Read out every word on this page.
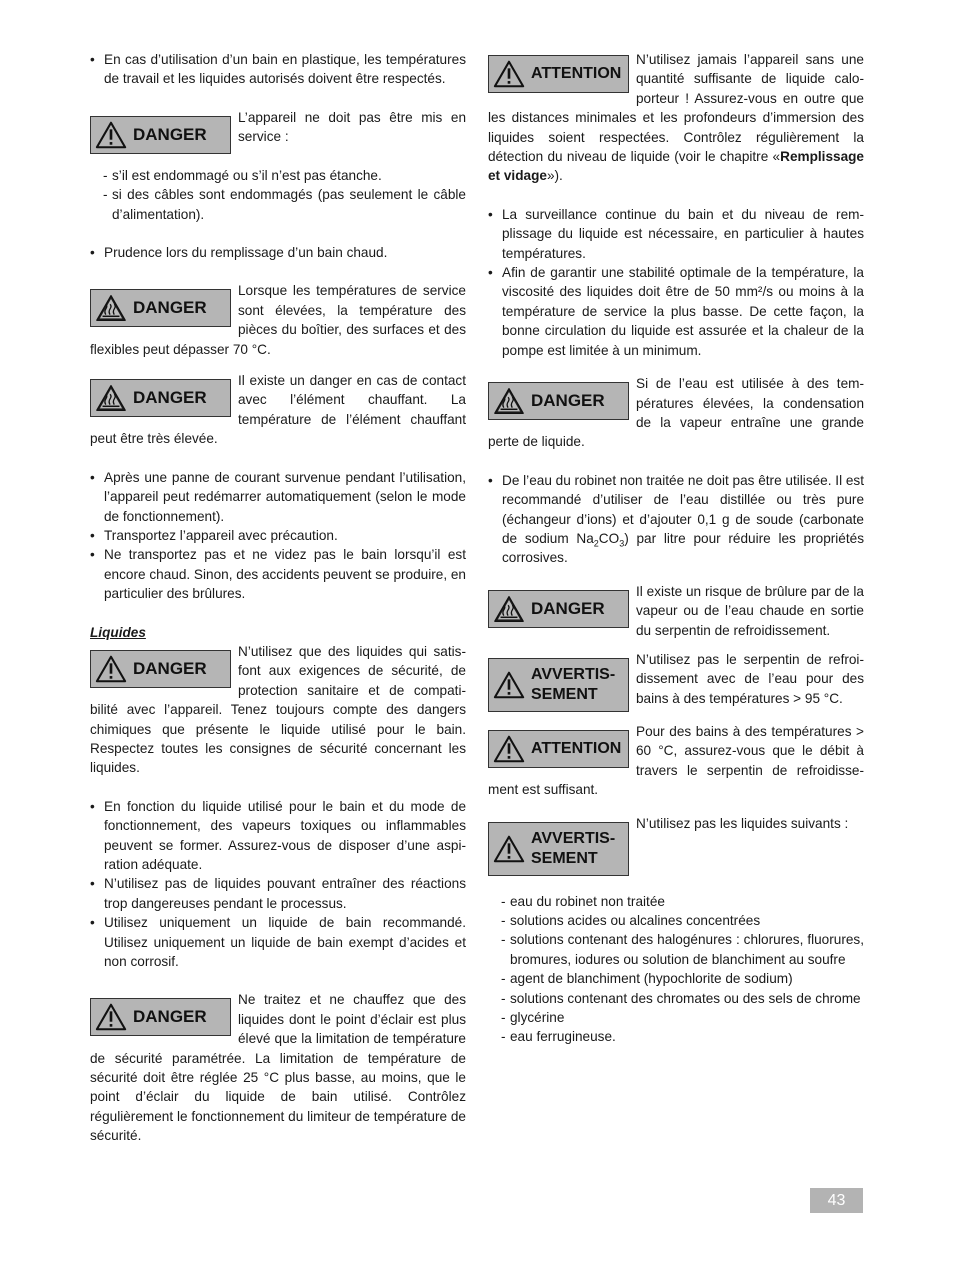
• En cas d’utilisation d’un bain en plastique, les températures de travail et les liquides autorisés doivent être respectés.
DANGER

L’appareil ne doit pas être mis en service :

- s’il est endommagé ou s’il n’est pas étanche.
- si des câbles sont endommagés (pas seulement le câble d’alimentation).
• Prudence lors du remplissage d’un bain chaud.
DANGER

Lorsque les températures de service sont élevées, la température des pièces du boîtier, des surfaces et des flexibles peut dépasser 70 °C.

DANGER

Il existe un danger en cas de contact avec l’élément chauffant. La température de l’élément chauffant peut être très élevée.

• Après une panne de courant survenue pendant l’utilisation, l’appareil peut redémarrer automatiquement (selon le mode de fonctionnement).
• Transportez l’appareil avec précaution.
• Ne transportez pas et ne videz pas le bain lorsqu’il est encore chaud. Sinon, des accidents peuvent se produire, en particulier des brûlures.
Liquides
DANGER

N’utilisez que des liquides qui satisfont aux exigences de sécurité, de protection sanitaire et de compatibilité avec l’appareil. Tenez toujours compte des dangers chimiques que présente le liquide utilisé pour le bain. Respectez toutes les consignes de sécurité concernant les liquides.

• En fonction du liquide utilisé pour le bain et du mode de fonctionnement, des vapeurs toxiques ou inflammables peuvent se former. Assurez-vous de disposer d’une aspiration adéquate.
• N’utilisez pas de liquides pouvant entraîner des réactions trop dangereuses pendant le processus.
• Utilisez uniquement un liquide de bain recommandé. Utilisez uniquement un liquide de bain exempt d’acides et non corrosif.
DANGER

Ne traitez et ne chauffez que des liquides dont le point d’éclair est plus élevé que la limitation de température de sécurité paramétrée. La limitation de température de sécurité doit être réglée 25 °C plus basse, au moins, que le point d’éclair du liquide de bain utilisé. Contrôlez régulièrement le fonctionnement du limiteur de température de sécurité.

ATTENTION

N’utilisez jamais l’appareil sans une quantité suffisante de liquide caloporteur ! Assurez-vous en outre que les distances minimales et les profondeurs d’immersion des liquides soient respectées. Contrôlez régulièrement la détection du niveau de liquide (voir le chapitre «Remplissage et vidage»).

• La surveillance continue du bain et du niveau de remplissage du liquide est nécessaire, en particulier à hautes températures.
• Afin de garantir une stabilité optimale de la température, la viscosité des liquides doit être de 50 mm²/s ou moins à la température de service la plus basse. De cette façon, la bonne circulation du liquide est assurée et la chaleur de la pompe est limitée à un minimum.
DANGER

Si de l’eau est utilisée à des températures élevées, la condensation de la vapeur entraîne une grande perte de liquide.

• De l’eau du robinet non traitée ne doit pas être utilisée. Il est recommandé d’utiliser de l’eau distillée ou très pure (échangeur d’ions) et d’ajouter 0,1 g de soude (carbonate de sodium $Na_2CO_3$) par litre pour réduire les propriétés corrosives.
DANGER

Il existe un risque de brûlure par de la vapeur ou de l’eau chaude en sortie du serpentin de refroidissement.

AVVERTIS-
SEMENT

N’utilisez pas le serpentin de refroidissement avec de l’eau pour des bains à des températures > 95 °C.

ATTENTION

Pour des bains à des températures > 60 °C, assurez-vous que le débit à travers le serpentin de refroidissement est suffisant.

AVVERTIS-
SEMENT

N’utilisez pas les liquides suivants :

- eau du robinet non traitée
- solutions acides ou alcalines concentrées
- solutions contenant des halogénures : chlorures, fluorures, bromures, iodures ou solution de blanchiment au soufre
- agent de blanchiment (hypochlorite de sodium)
- solutions contenant des chromates ou des sels de chrome
- glycérine
- eau ferrugineuse.
43
